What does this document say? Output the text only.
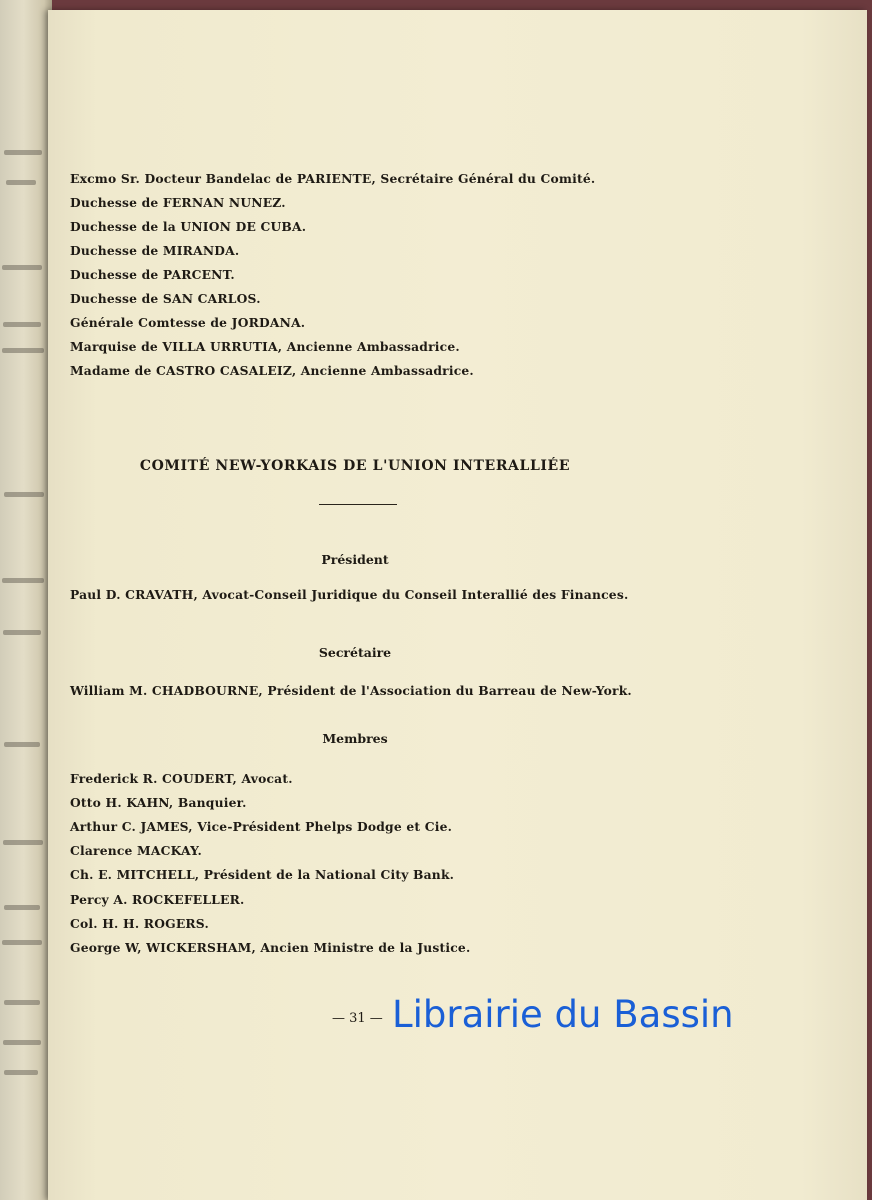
Excmo Sr. Docteur Bandelac de PARIENTE, Secrétaire Général du Comité.
Duchesse de FERNAN NUNEZ.
Duchesse de la UNION DE CUBA.
Duchesse de MIRANDA.
Duchesse de PARCENT.
Duchesse de SAN CARLOS.
Générale Comtesse de JORDANA.
Marquise de VILLA URRUTIA, Ancienne Ambassadrice.
Madame de CASTRO CASALEIZ, Ancienne Ambassadrice.
COMITÉ NEW-YORKAIS DE L'UNION INTERALLIÉE
Président
Paul D. CRAVATH, Avocat-Conseil Juridique du Conseil Interallié des Finances.
Secrétaire
William M. CHADBOURNE, Président de l'Association du Barreau de New-York.
Membres
Frederick R. COUDERT, Avocat.
Otto H. KAHN, Banquier.
Arthur C. JAMES, Vice-Président Phelps Dodge et Cie.
Clarence MACKAY.
Ch. E. MITCHELL, Président de la National City Bank.
Percy A. ROCKEFELLER.
Col. H. H. ROGERS.
George W, WICKERSHAM, Ancien Ministre de la Justice.
— 31 — Librairie du Bassin
